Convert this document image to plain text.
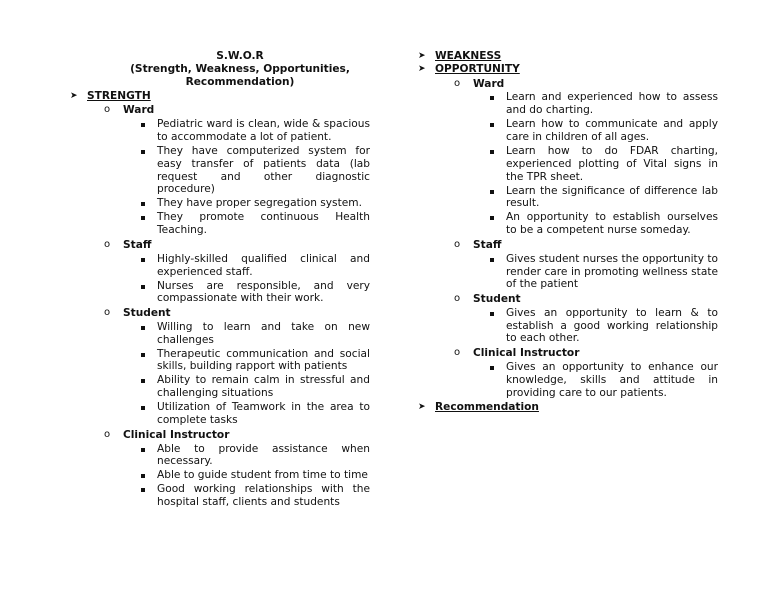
S.W.O.R
(Strength, Weakness, Opportunities,
Recommendation)
➤ STRENGTH
o Ward
Pediatric ward is clean, wide & spacious to accommodate a lot of patient.
They have computerized system for easy transfer of patients data (lab request and other diagnostic procedure)
They have proper segregation system.
They promote continuous Health Teaching.
o Staff
Highly-skilled qualified clinical and experienced staff.
Nurses are responsible, and very compassionate with their work.
o Student
Willing to learn and take on new challenges
Therapeutic communication and social skills, building rapport with patients
Ability to remain calm in stressful and challenging situations
Utilization of Teamwork in the area to complete tasks
o Clinical Instructor
Able to provide assistance when necessary.
Able to guide student from time to time
Good working relationships with the hospital staff, clients and students
➤ WEAKNESS
➤ OPPORTUNITY
o Ward
Learn and experienced how to assess and do charting.
Learn how to communicate and apply care in children of all ages.
Learn how to do FDAR charting, experienced plotting of Vital signs in the TPR sheet.
Learn the significance of difference lab result.
An opportunity to establish ourselves to be a competent nurse someday.
o Staff
Gives student nurses the opportunity to render care in promoting wellness state of the patient
o Student
Gives an opportunity to learn & to establish a good working relationship to each other.
o Clinical Instructor
Gives an opportunity to enhance our knowledge, skills and attitude in providing care to our patients.
➤ Recommendation
